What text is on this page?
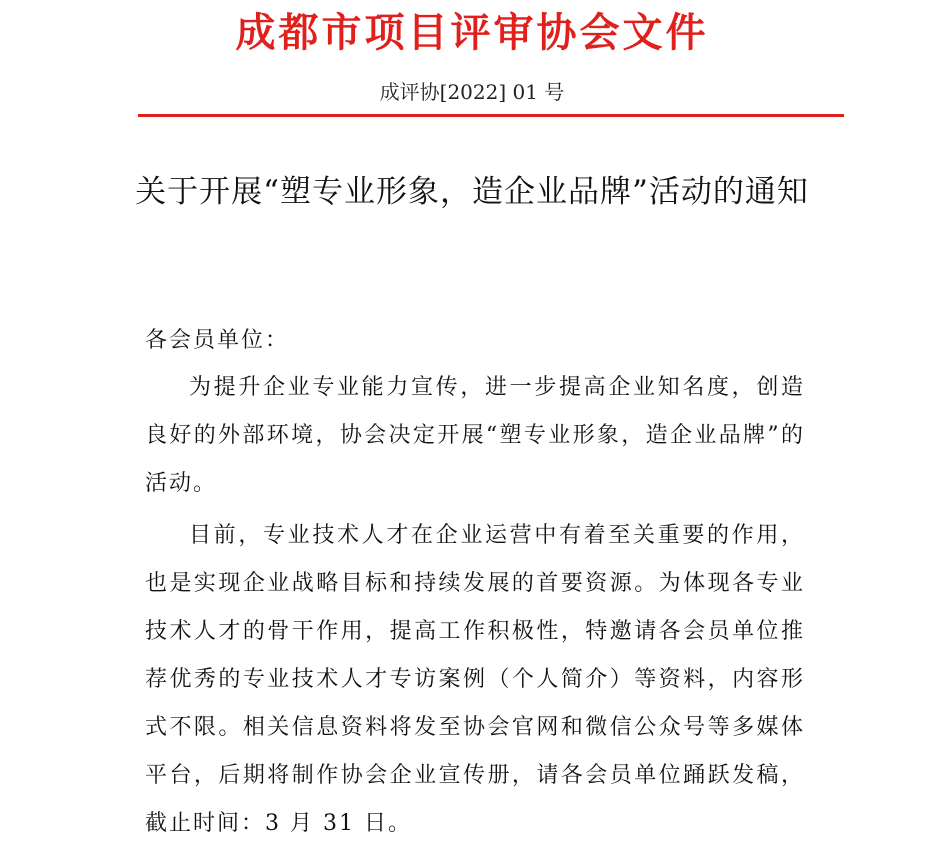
成都市项目评审协会文件
成评协[2022] 01 号
关于开展“塑专业形象，造企业品牌”活动的通知
各会员单位：
为提升企业专业能力宣传，进一步提高企业知名度，创造良好的外部环境，协会决定开展“塑专业形象，造企业品牌”的活动。
目前，专业技术人才在企业运营中有着至关重要的作用，也是实现企业战略目标和持续发展的首要资源。为体现各专业技术人才的骨干作用，提高工作积极性，特邀请各会员单位推荐优秀的专业技术人才专访案例（个人简介）等资料，内容形式不限。相关信息资料将发至协会官网和微信公众号等多媒体平台，后期将制作协会企业宣传册，请各会员单位踊跃发稿，截止时间：3 月 31 日。
